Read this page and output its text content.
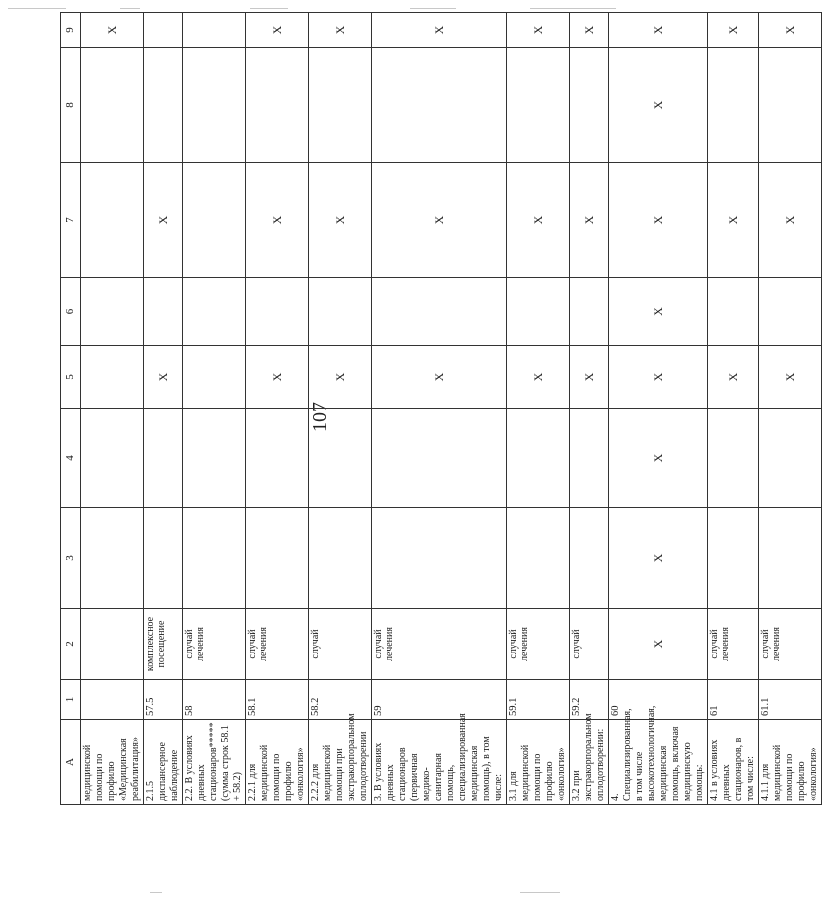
107
A	1	2	3	4	5	6	7	8	9
медицинской помощи по профилю «Медицинская реабилитация»									X
2.1.5 диспансерное наблюдение	57.5	комплексное посещение			X		X		
2.2. В условиях дневных стационаров***** (сумма строк 58.1 + 58.2)	58	случай лечения							
2.2.1 для медицинской помощи по профилю «онкология»	58.1	случай лечения			X		X		X
2.2.2 для медицинской помощи при экстракорпоральном оплодотворении	58.2	случай			X		X		X
3. В условиях дневных стационаров (первичная медико-санитарная помощь, специализированная медицинская помощь), в том числе:	59	случай лечения			X		X		X
3.1 для медицинской помощи по профилю «онкология»	59.1	случай лечения			X		X		X
3.2 при экстракорпоральном оплодотворении:	59.2	случай			X		X		X
4. Специализированная, в том числе высокотехнологичная, медицинская помощь, включая медицинскую помощь:	60	X	X	X	X	X	X	X	X
4.1 в условиях дневных стационаров, в том числе:	61	случай лечения			X		X		X
4.1.1 для медицинской помощи по профилю «онкология»	61.1	случай лечения			X		X		X
